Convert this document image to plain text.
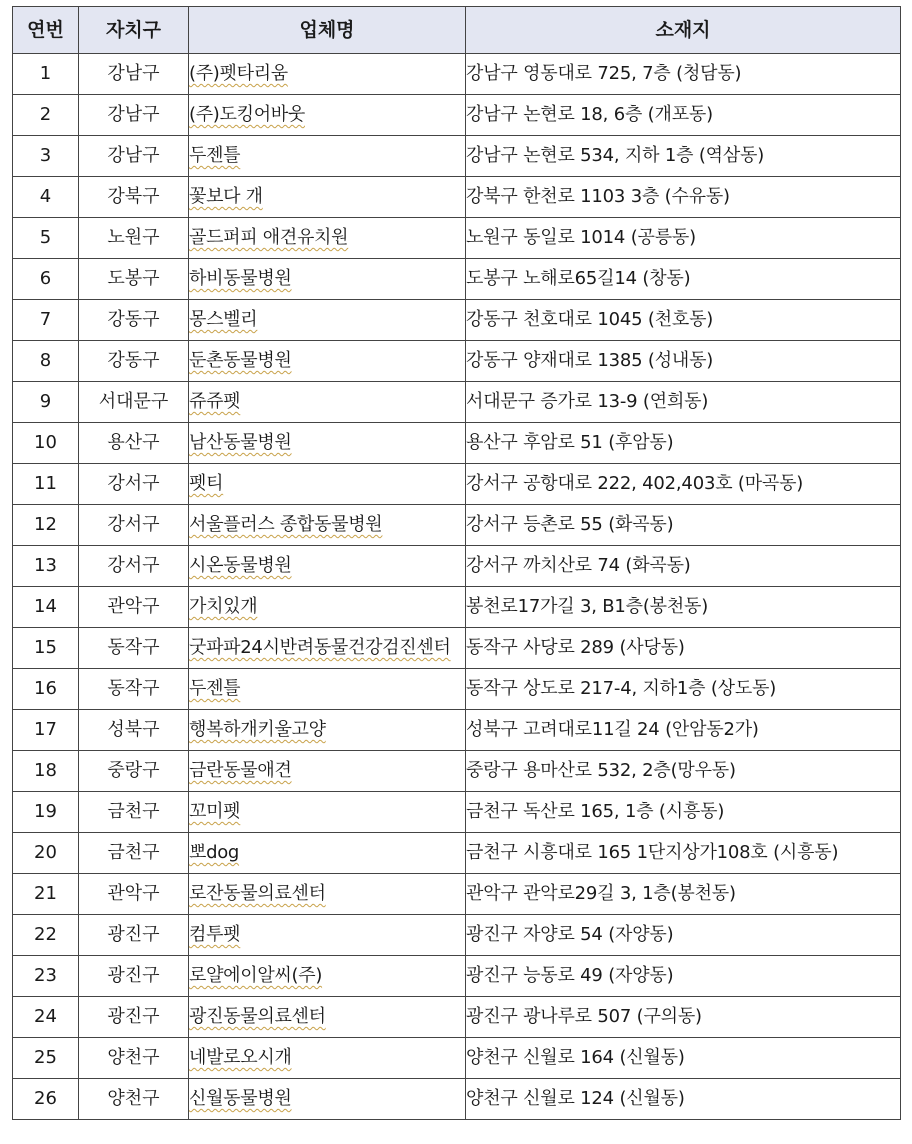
연번	자치구	업체명	소재지
1	강남구	(주)펫타리움	강남구 영동대로 725, 7층 (청담동)
2	강남구	(주)도킹어바웃	강남구 논현로 18, 6층 (개포동)
3	강남구	두젠틀	강남구 논현로 534, 지하 1층 (역삼동)
4	강북구	꽃보다 개	강북구 한천로 1103 3층 (수유동)
5	노원구	골드퍼피 애견유치원	노원구 동일로 1014 (공릉동)
6	도봉구	하비동물병원	도봉구 노해로65길14 (창동)
7	강동구	몽스벨리	강동구 천호대로 1045 (천호동)
8	강동구	둔촌동물병원	강동구 양재대로 1385 (성내동)
9	서대문구	쥬쥬펫	서대문구 증가로 13-9 (연희동)
10	용산구	남산동물병원	용산구 후암로 51 (후암동)
11	강서구	펫티	강서구 공항대로 222, 402,403호 (마곡동)
12	강서구	서울플러스 종합동물병원	강서구 등촌로 55 (화곡동)
13	강서구	시온동물병원	강서구 까치산로 74 (화곡동)
14	관악구	가치있개	봉천로17가길 3, B1층(봉천동)
15	동작구	굿파파24시반려동물건강검진센터	동작구 사당로 289 (사당동)
16	동작구	두젠틀	동작구 상도로 217-4, 지하1층 (상도동)
17	성북구	행복하개키울고양	성북구 고려대로11길 24 (안암동2가)
18	중랑구	금란동물애견	중랑구 용마산로 532, 2층(망우동)
19	금천구	꼬미펫	금천구 독산로 165, 1층 (시흥동)
20	금천구	뽀dog	금천구 시흥대로 165 1단지상가108호 (시흥동)
21	관악구	로잔동물의료센터	관악구 관악로29길 3, 1층(봉천동)
22	광진구	컴투펫	광진구 자양로 54 (자양동)
23	광진구	로얄에이알씨(주)	광진구 능동로 49 (자양동)
24	광진구	광진동물의료센터	광진구 광나루로 507 (구의동)
25	양천구	네발로오시개	양천구 신월로 164 (신월동)
26	양천구	신월동물병원	양천구 신월로 124 (신월동)
